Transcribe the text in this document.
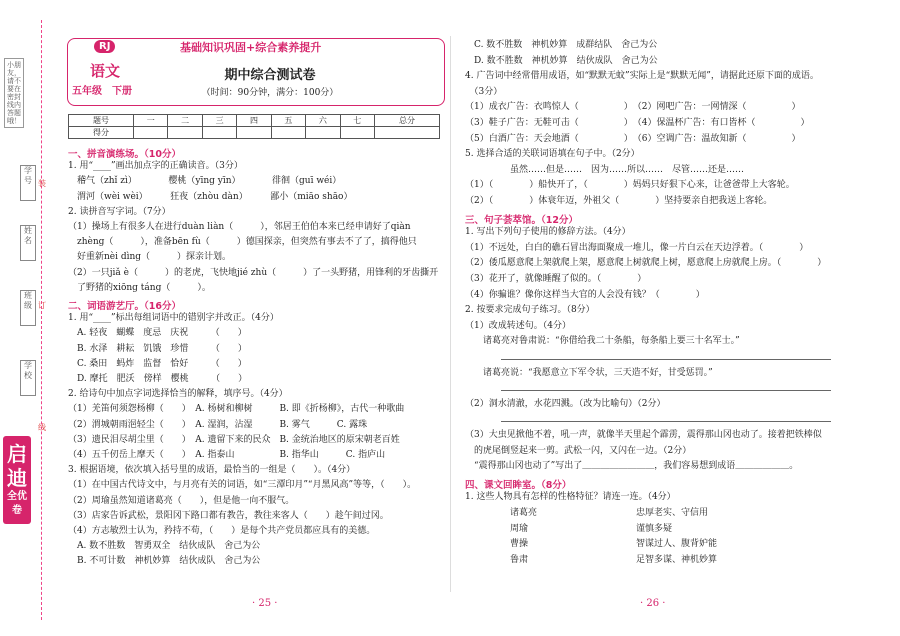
小朋友，请不要在密封线内答题哦！
学号
姓名
班级
学校
装
订
线
启迪
全优卷
RJ	基础知识巩固+综合素养提升
语文
五年级　下册
期中综合测试卷
（时间：90分钟，满分：100分）
题号	一	二	三	四	五	六	七	总分
得分								
一、拼音演练场。（10分）
1. 用“____”画出加点字的正确读音。（3分）
　稽气（zhǐ zì）　　　　樱桃（yīng yīn）　　　　徘徊（guī wéi）
　渭河（wèi wèi）　　　狂夜（zhòu dàn）　　　鄙小（miāo shāo）
2. 读拼音写字词。（7分）
（1）操场上有很多人在进行duàn liàn（　　　），邻居王伯伯本来已经申请好了qiàn
　zhèng（　　　），准备bēn fù（　　　）德国探亲，但突然有事去不了了，搞得他只
　好重新nèi dìng（　　　）探亲计划。
（2）一只jiǎ è（　　　）的老虎，飞快地jié zhù（　　　）了一头野猪，用锋利的牙齿撕开
　了野猪的xiōng táng（　　　）。
二、词语游艺厅。（16分）
1. 用“____”标出每组词语中的错别字并改正。（4分）
　A. 轻夜　蝴蝶　度忌　庆祝　　　（　　）
　B. 水泽　耕耘　饥饿　珍惜　　　（　　）
　C. 桑田　蚂炸　监督　恰好　　　（　　）
　D. 摩托　肥沃　傍样　樱桃　　　（　　）
2. 给诗句中加点字词选择恰当的解释，填序号。（4分）
（1）羌笛何须怨杨柳（　　）　A. 杨树和柳树　　　B. 即《折杨柳》，古代一种歌曲
（2）渭城朝雨浥轻尘（　　）　A. 湿润，沾湿　　　B. 雾气　　　C. 露珠
（3）遗民泪尽胡尘里（　　）　A. 遗留下来的民众　B. 金统治地区的原宋朝老百姓
（4）五千仞岳上摩天（　　）　A. 指泰山　　　　　B. 指华山　　　C. 指庐山
3. 根据语境，依次填入括号里的成语，最恰当的一组是（　　）。（4分）
（1）在中国古代诗文中，与月亮有关的词语，如“三潭印月”“月黑风高”等等，（　　）。
（2）周瑜虽然知道诸葛亮（　　），但是他一向不服气。
（3）店家告诉武松，景阳冈下路口都有教告，教往来客人（　　）趁午间过冈。
（4）方志敏烈士认为，矜持不苟，（　　）是每个共产党员都应具有的美德。
　A. 数不胜数　智勇双全　结伙成队　舍己为公
　B. 不可计数　神机妙算　结伙成队　舍己为公
　C. 数不胜数　神机妙算　成群结队　舍己为公
　D. 数不胜数　神机妙算　结伙成队　舍己为公
4. 广告词中经常借用成语，如“默默无蚊”实际上是“默默无闻”，请据此还原下面的成语。
　（3分）
（1）成衣广告：衣鸣惊人（　　　　　）　（2）网吧广告：一网情深（　　　　　）
（3）鞋子广告：无鞋可击（　　　　　）　（4）保温杯广告：有口皆杯（　　　　　）
（5）白酒广告：天会地酒（　　　　　）　（6）空调广告：温故知新（　　　　　）
5. 选择合适的关联词语填在句子中。（2分）
　　　　　虽然……但是……　因为……所以……　尽管……还是……
（1）（　　　　）船快开了，（　　　　）妈妈只好狠下心来，让爸爸带上大客轮。
（2）（　　　　）体衰年迈，外祖父（　　　　）坚持要亲自把我送上客轮。
三、句子荟萃馆。（12分）
1. 写出下列句子使用的修辞方法。（4分）
（1）不远处，白白的礁石冒出海面聚成一堆儿，像一片白云在天边浮着。（　　　　）
（2）倭瓜愿意爬上架就爬上架，愿意爬上树就爬上树，愿意爬上房就爬上房。（　　　　）
（3）花开了，就像睡醒了似的。（　　　　）
（4）你骗谁？像你这样当大官的人会没有钱？（　　　　）
2. 按要求完成句子练习。（8分）
（1）改成转述句。（4分）
　　诸葛亮对鲁肃说：“你借给我二十条船，每条船上要三十名军士。”
　　诸葛亮说：“我愿意立下军令状，三天造不好，甘受惩罚。”
（2）洞水清澈，水花四溅。（改为比喻句）（2分）
（3）大虫见掀他不着，吼一声，就像半天里起个霹雳，震得那山冈也动了。接着把铁棒似
　的虎尾倒竖起来一剪。武松一闪，又闪在一边。（2分）
　“震得那山冈也动了”写出了＿＿＿＿＿＿＿＿，我们容易想到成语＿＿＿＿＿＿。
四、课文回眸室。（8分）
1. 这些人物具有怎样的性格特征？请连一连。（4分）
　　　　　诸葛亮　　　　　　　　　　　忠厚老实、守信用
　　　　　周瑜　　　　　　　　　　　　谨慎多疑
　　　　　曹操　　　　　　　　　　　　智谋过人、腹背妒能
　　　　　鲁肃　　　　　　　　　　　　足智多谋、神机妙算
· 25 ·	· 26 ·
